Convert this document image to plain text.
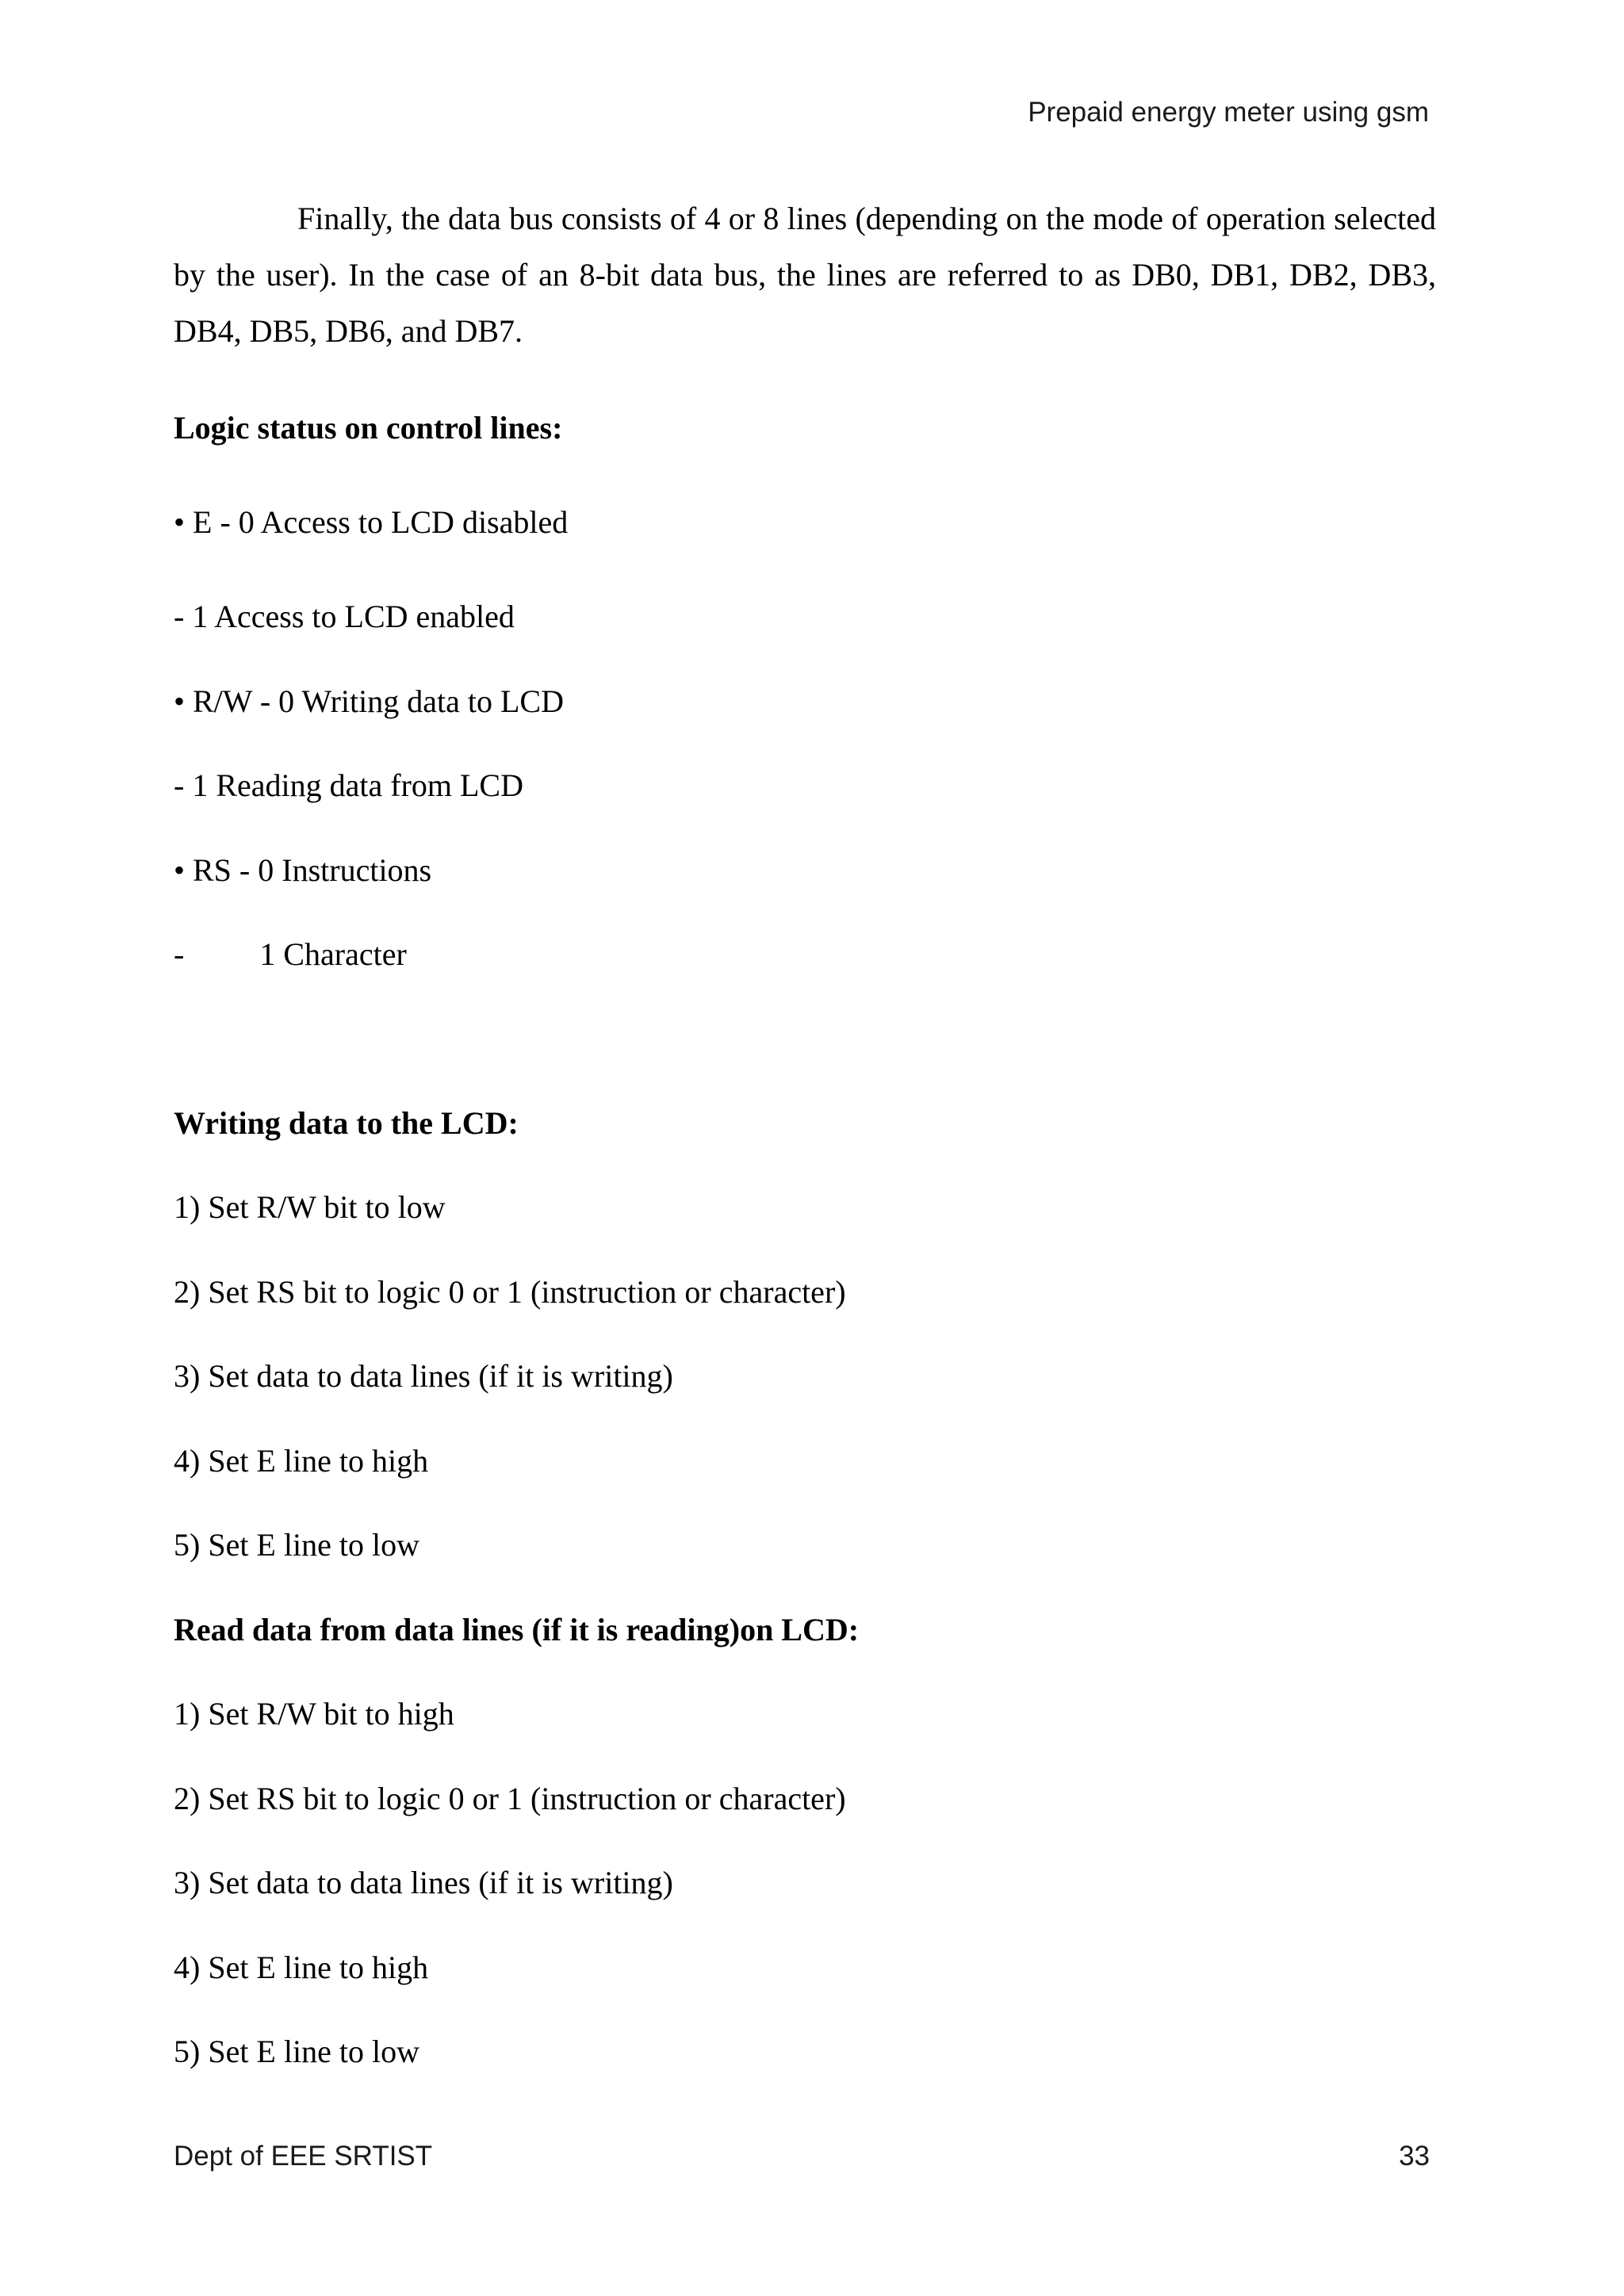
Prepaid energy meter using gsm

Finally, the data bus consists of 4 or 8 lines (depending on the mode of operation selected by the user). In the case of an 8-bit data bus, the lines are referred to as DB0, DB1, DB2, DB3, DB4, DB5, DB6, and DB7.

Logic status on control lines:
• E - 0 Access to LCD disabled
- 1 Access to LCD enabled
• R/W - 0 Writing data to LCD
- 1 Reading data from LCD
• RS - 0 Instructions
- 1 Character
Writing data to the LCD:
1) Set R/W bit to low
2) Set RS bit to logic 0 or 1 (instruction or character)
3) Set data to data lines (if it is writing)
4) Set E line to high
5) Set E line to low
Read data from data lines (if it is reading)on LCD:
1) Set R/W bit to high
2) Set RS bit to logic 0 or 1 (instruction or character)
3) Set data to data lines (if it is writing)
4) Set E line to high
5) Set E line to low
Dept of EEE SRTIST	33
